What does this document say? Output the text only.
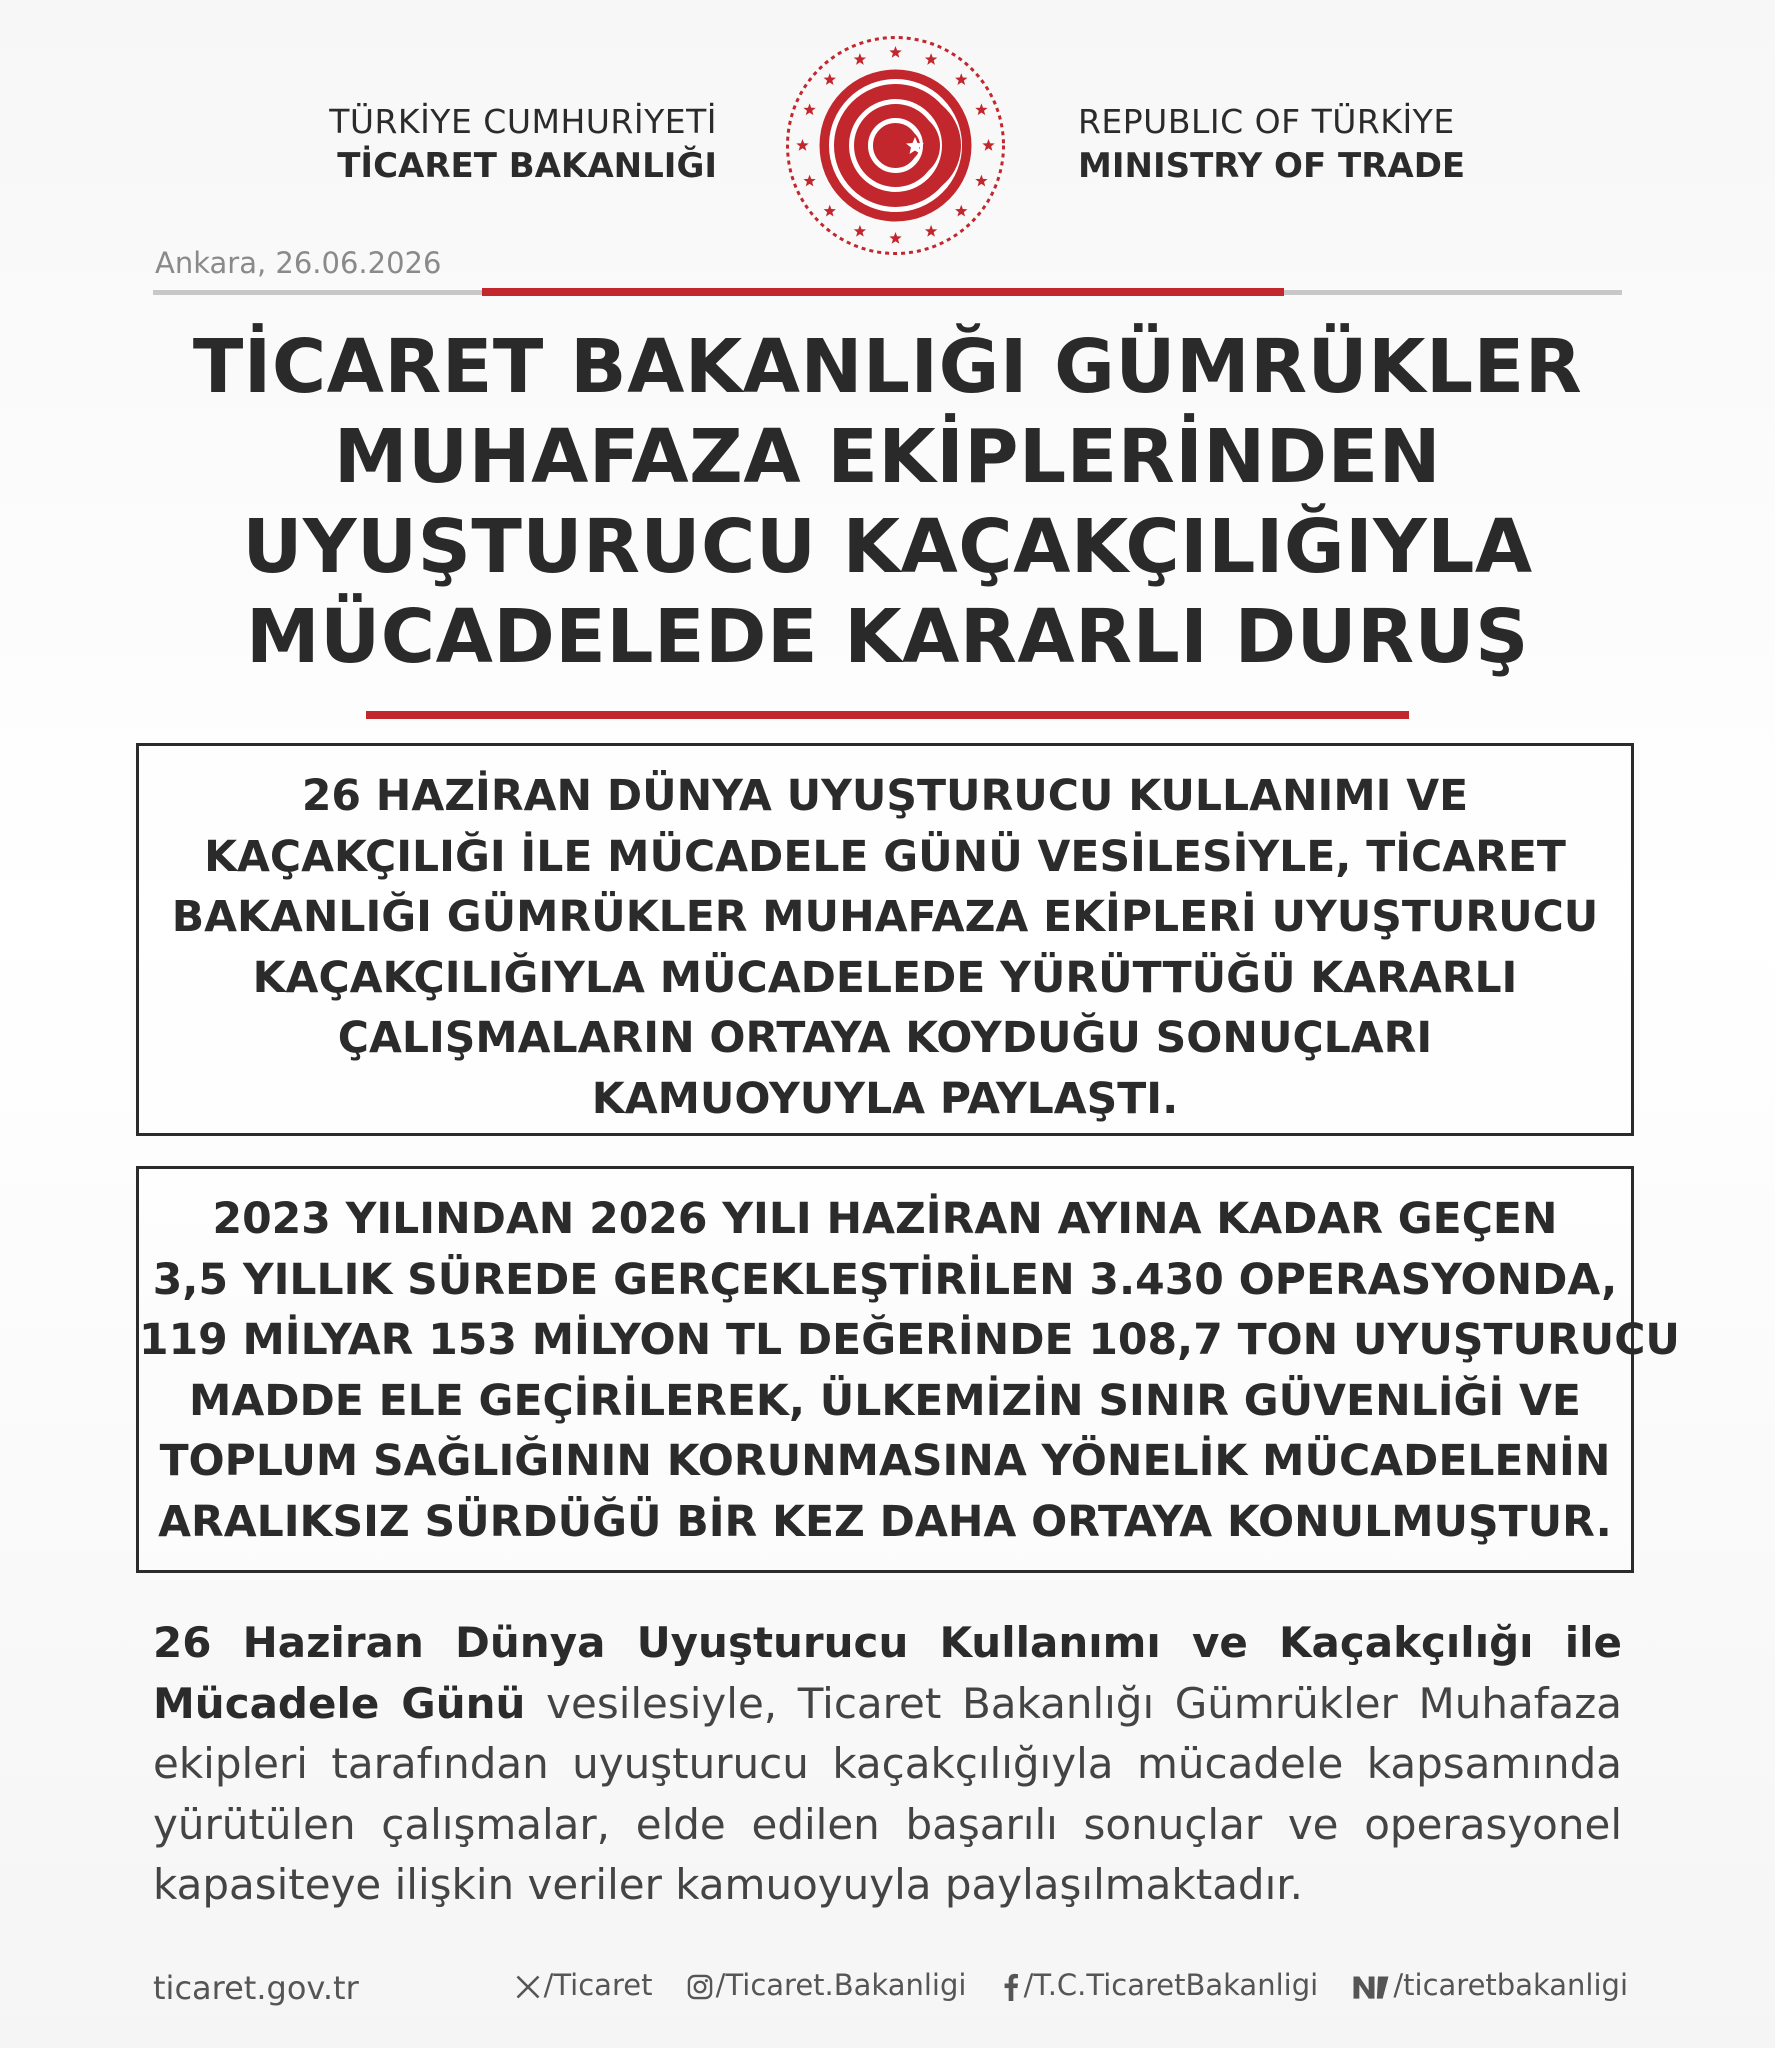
TÜRKİYE CUMHURİYETİ
TİCARET BAKANLIĞI
REPUBLIC OF TÜRKİYE
MINISTRY OF TRADE
Ankara, 26.06.2026
TİCARET BAKANLIĞI GÜMRÜKLER
MUHAFAZA EKİPLERİNDEN
UYUŞTURUCU KAÇAKÇILIĞIYLA
MÜCADELEDE KARARLI DURUŞ
26 HAZİRAN DÜNYA UYUŞTURUCU KULLANIMI VE
KAÇAKÇILIĞI İLE MÜCADELE GÜNÜ VESİLESİYLE, TİCARET
BAKANLIĞI GÜMRÜKLER MUHAFAZA EKİPLERİ UYUŞTURUCU
KAÇAKÇILIĞIYLA MÜCADELEDE YÜRÜTTÜĞÜ KARARLI
ÇALIŞMALARIN ORTAYA KOYDUĞU SONUÇLARI
KAMUOYUYLA PAYLAŞTI.
2023 YILINDAN 2026 YILI HAZİRAN AYINA KADAR GEÇEN
3,5 YILLIK SÜREDE GERÇEKLEŞTİRİLEN 3.430 OPERASYONDA,
119 MİLYAR 153 MİLYON TL DEĞERİNDE 108,7 TON UYUŞTURUCU
MADDE ELE GEÇİRİLEREK, ÜLKEMİZİN SINIR GÜVENLİĞİ VE
TOPLUM SAĞLIĞININ KORUNMASINA YÖNELİK MÜCADELENİN
ARALIKSIZ SÜRDÜĞÜ BİR KEZ DAHA ORTAYA KONULMUŞTUR.
26 Haziran Dünya Uyuşturucu Kullanımı ve Kaçakçılığı ile
Mücadele Günü vesilesiyle, Ticaret Bakanlığı Gümrükler Muhafaza
ekipleri tarafından uyuşturucu kaçakçılığıyla mücadele kapsamında
yürütülen çalışmalar, elde edilen başarılı sonuçlar ve operasyonel
kapasiteye ilişkin veriler kamuoyuyla paylaşılmaktadır.
ticaret.gov.tr	/Ticaret /Ticaret.Bakanligi /T.C.TicaretBakanligi	/ticaretbakanligi
